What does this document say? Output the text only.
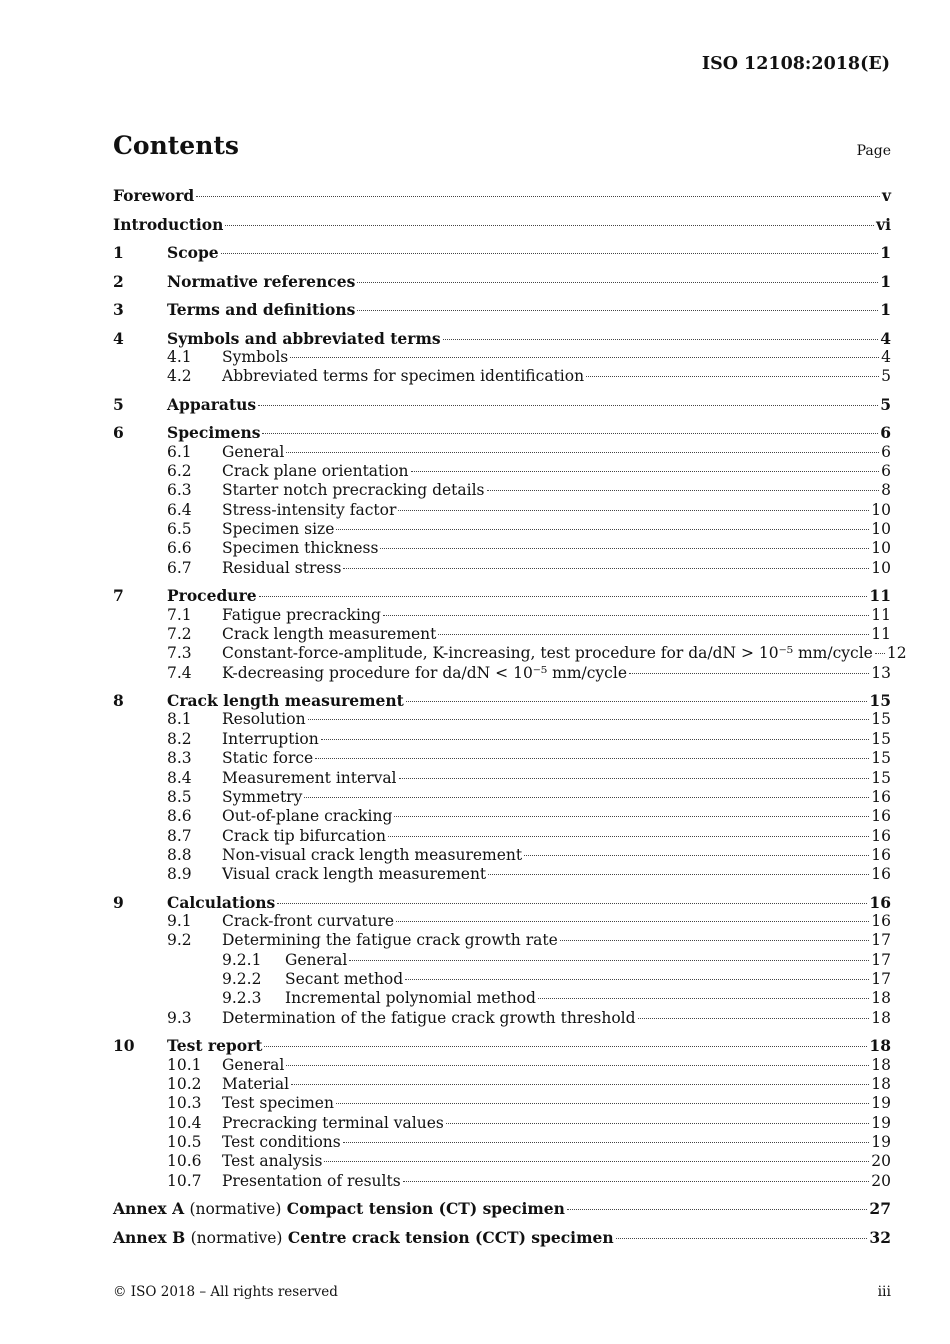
ISO 12108:2018(E)
Contents	Page
Foreword	v
Introduction	vi
1	Scope	1
2	Normative references	1
3	Terms and definitions	1
4	Symbols and abbreviated terms	4
4.1	Symbols	4
4.2	Abbreviated terms for specimen identification	5
5	Apparatus	5
6	Specimens	6
6.1	General	6
6.2	Crack plane orientation	6
6.3	Starter notch precracking details	8
6.4	Stress-intensity factor	10
6.5	Specimen size	10
6.6	Specimen thickness	10
6.7	Residual stress	10
7	Procedure	11
7.1	Fatigue precracking	11
7.2	Crack length measurement	11
7.3	Constant-force-amplitude, K-increasing, test procedure for da/dN > 10⁻⁵ mm/cycle 12
7.4	K-decreasing procedure for da/dN < 10⁻⁵ mm/cycle	13
8	Crack length measurement	15
8.1	Resolution	15
8.2	Interruption	15
8.3	Static force	15
8.4	Measurement interval	15
8.5	Symmetry	16
8.6	Out-of-plane cracking	16
8.7	Crack tip bifurcation	16
8.8	Non-visual crack length measurement	16
8.9	Visual crack length measurement	16
9	Calculations	16
9.1	Crack-front curvature	16
9.2	Determining the fatigue crack growth rate	17
9.2.1	General	17
9.2.2	Secant method	17
9.2.3	Incremental polynomial method	18
9.3	Determination of the fatigue crack growth threshold	18
10	Test report	18
10.1	General	18
10.2	Material	18
10.3	Test specimen	19
10.4	Precracking terminal values	19
10.5	Test conditions	19
10.6	Test analysis	20
10.7	Presentation of results	20
Annex A (normative) Compact tension (CT) specimen	27
Annex B (normative) Centre crack tension (CCT) specimen	32
© ISO 2018 – All rights reserved	iii
